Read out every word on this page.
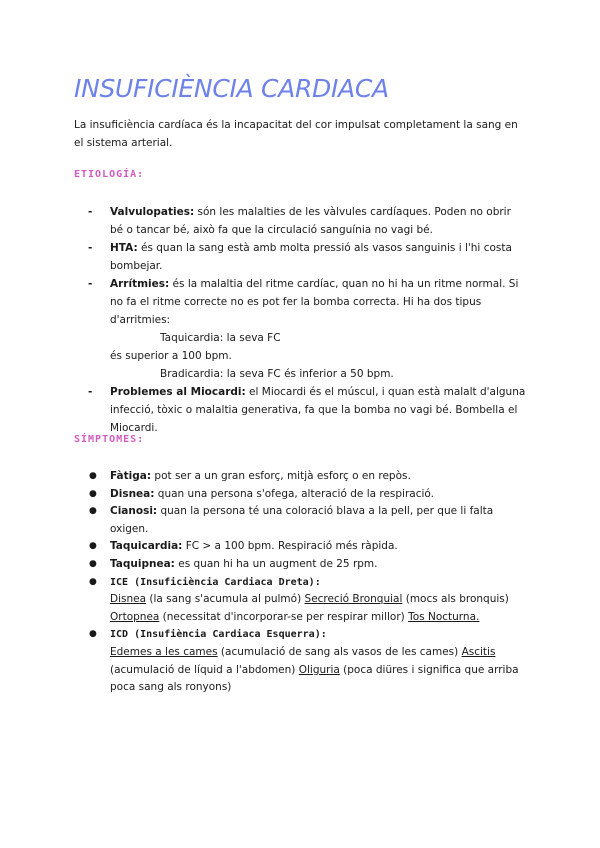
INSUFICIÈNCIA CARDIACA

La insuficiència cardíaca és la incapacitat del cor impulsat completament la sang en el sistema arterial.

ETIOLOGÍA:
- Valvulopaties: són les malalties de les vàlvules cardíaques. Poden no obrir bé o tancar bé, això fa que la circulació sanguínia no vagi bé.
- HTA: és quan la sang està amb molta pressió als vasos sanguinis i l'hi costa bombejar.
- Arrítmies: és la malaltia del ritme cardíac, quan no hi ha un ritme normal. Si no fa el ritme correcte no es pot fer la bomba correcta. Hi ha dos tipus d'arritmies:
Taquicardia: la seva FC
és superior a 100 bpm.
Bradicardia: la seva FC és inferior a 50 bpm.
- Problemes al Miocardi: el Miocardi és el múscul, i quan està malalt d'alguna infecció, tòxic o malaltia generativa, fa que la bomba no vagi bé. Bombella el Miocardi.
SÍMPTOMES:
● Fàtiga: pot ser a un gran esforç, mitjà esforç o en repòs.
● Disnea: quan una persona s'ofega, alteració de la respiració.
● Cianosi: quan la persona té una coloració blava a la pell, per que li falta oxigen.
● Taquicardia: FC > a 100 bpm. Respiració més ràpida.
● Taquipnea: es quan hi ha un augment de 25 rpm.
● ICE (Insuficiència Cardiaca Dreta):
Disnea (la sang s'acumula al pulmó) Secreció Bronquial (mocs als bronquis)
Ortopnea (necessitat d'incorporar-se per respirar millor) Tos Nocturna.
● ICD (Insufiència Cardiaca Esquerra):
Edemes a les cames (acumulació de sang als vasos de les cames) Ascitis (acumulació de líquid a l'abdomen) Oliguria (poca diüres i significa que arriba poca sang als ronyons)
